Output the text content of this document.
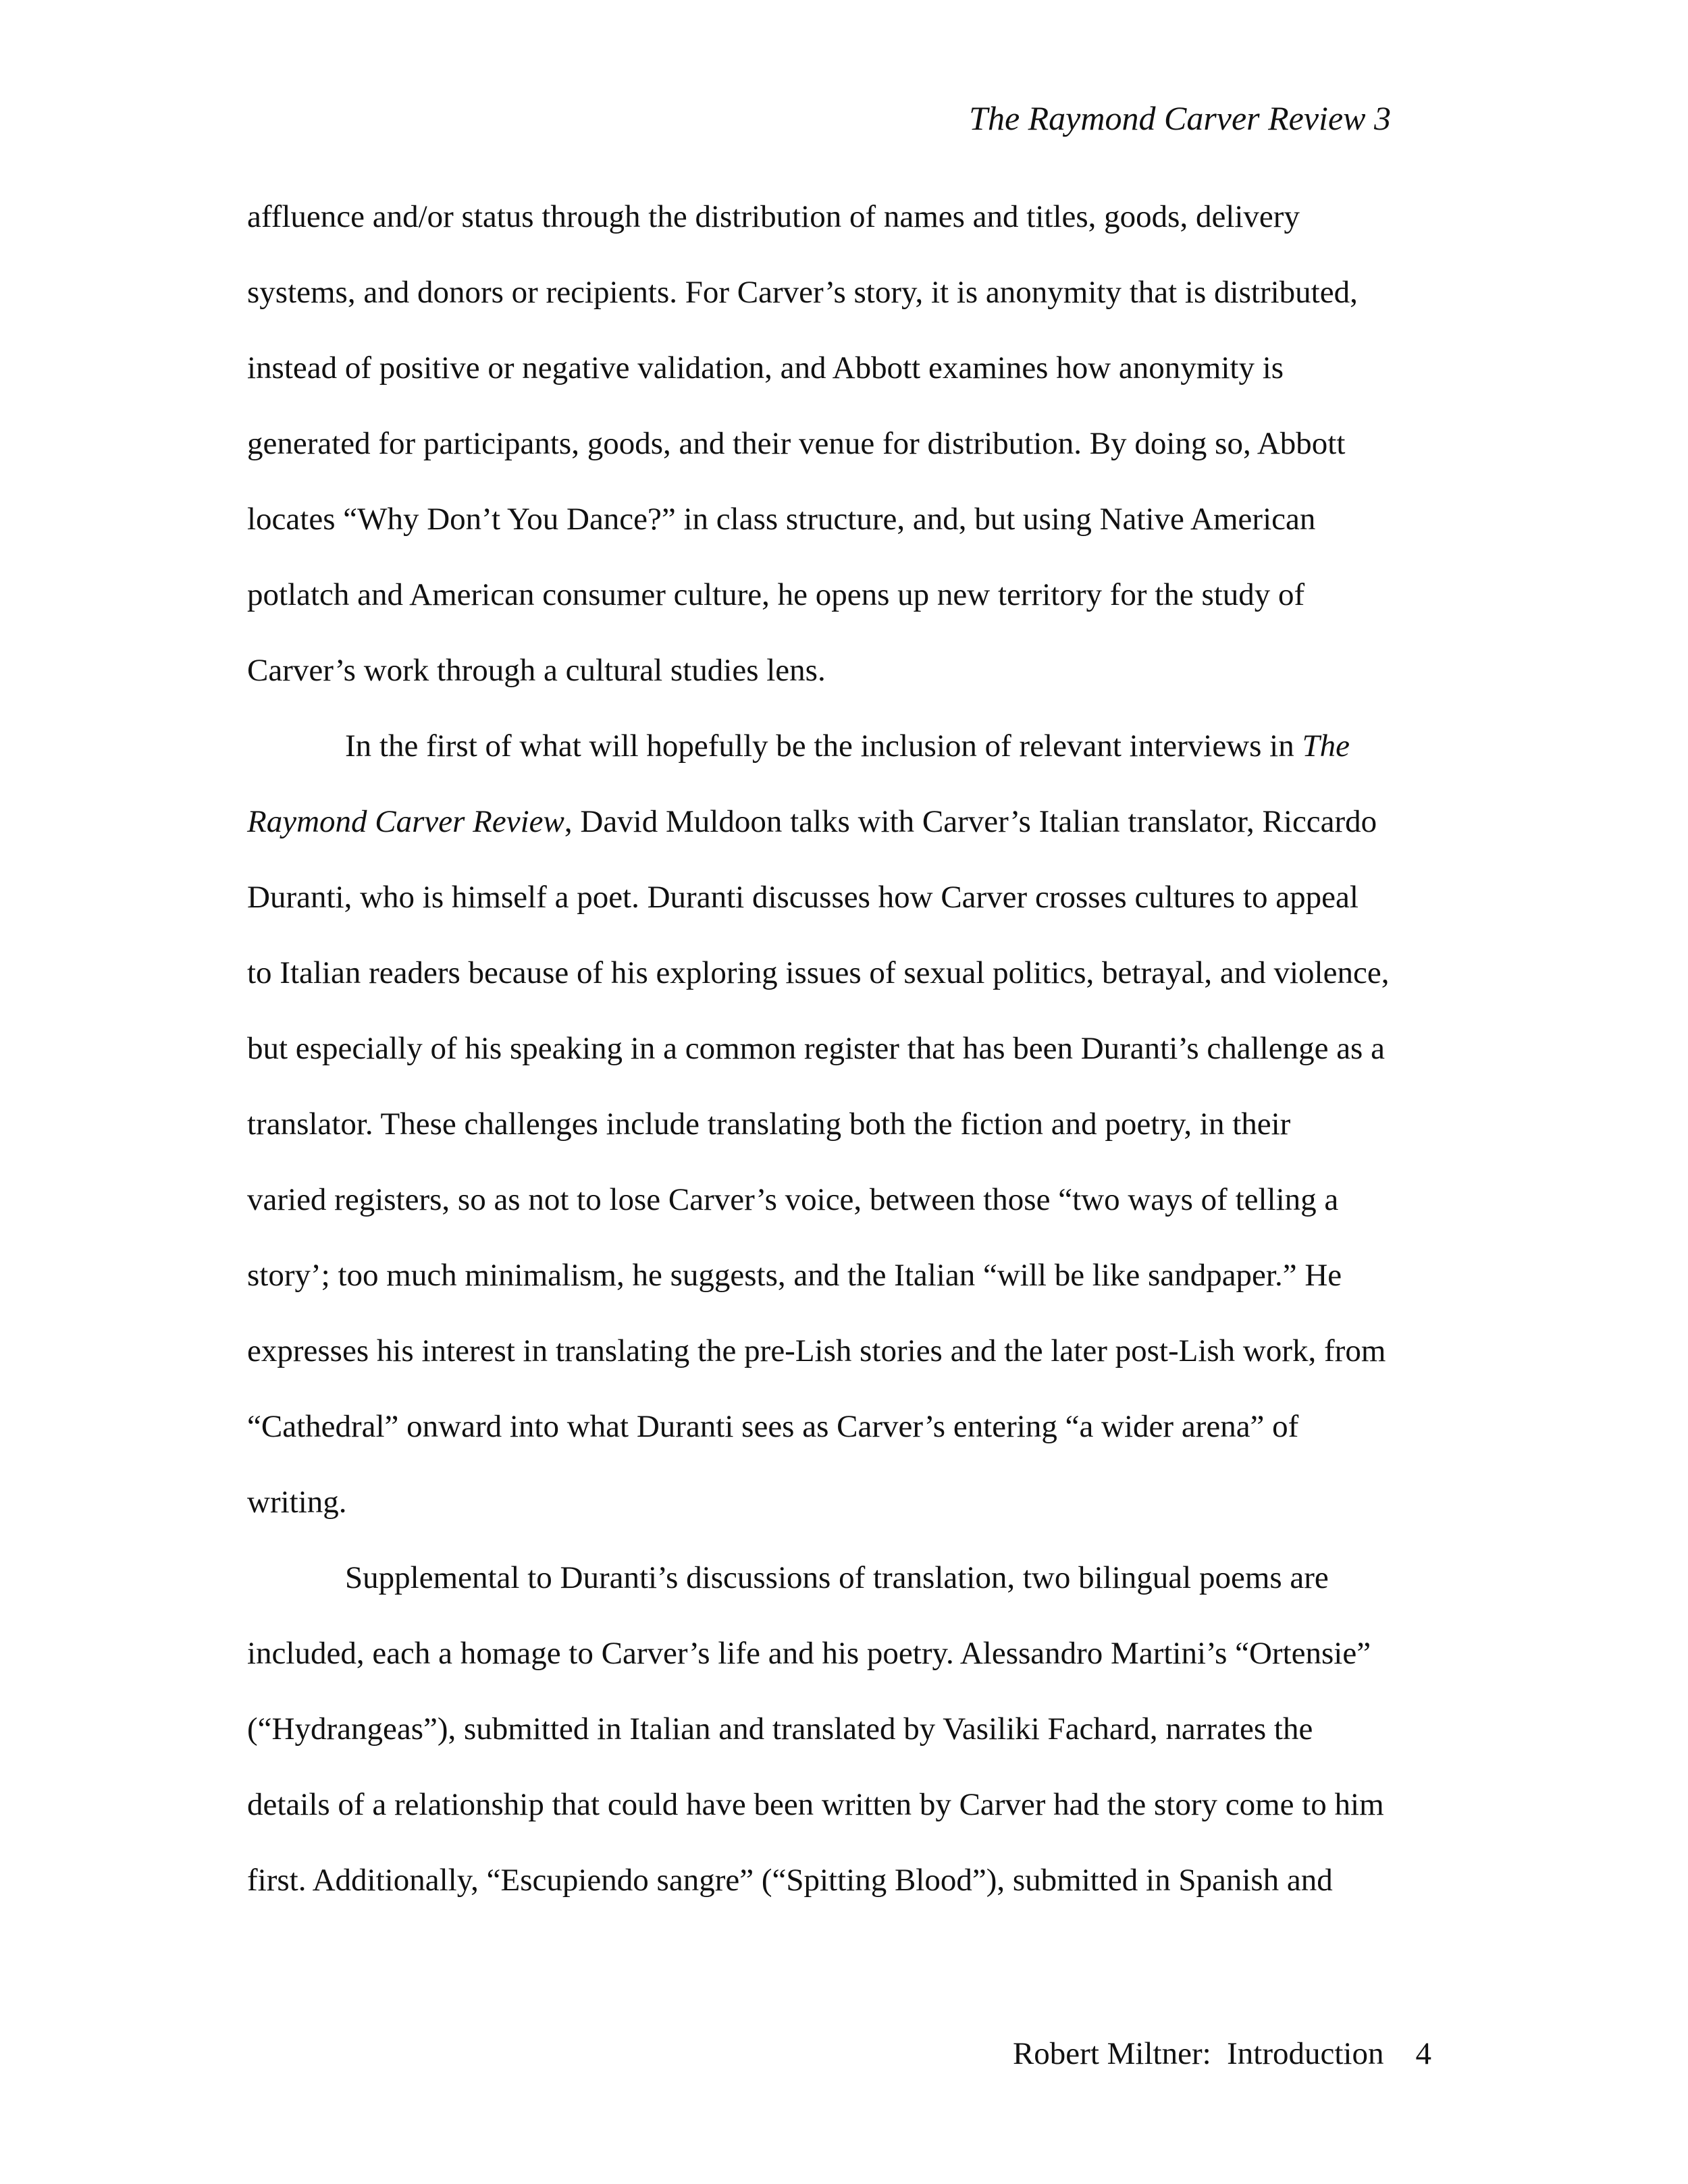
The Raymond Carver Review 3
affluence and/or status through the distribution of names and titles, goods, delivery
systems, and donors or recipients. For Carver’s story, it is anonymity that is distributed,
instead of positive or negative validation, and Abbott examines how anonymity is
generated for participants, goods, and their venue for distribution. By doing so, Abbott
locates “Why Don’t You Dance?” in class structure, and, but using Native American
potlatch and American consumer culture, he opens up new territory for the study of
Carver’s work through a cultural studies lens.
In the first of what will hopefully be the inclusion of relevant interviews in The
Raymond Carver Review, David Muldoon talks with Carver’s Italian translator, Riccardo
Duranti, who is himself a poet. Duranti discusses how Carver crosses cultures to appeal
to Italian readers because of his exploring issues of sexual politics, betrayal, and violence,
but especially of his speaking in a common register that has been Duranti’s challenge as a
translator. These challenges include translating both the fiction and poetry, in their
varied registers, so as not to lose Carver’s voice, between those “two ways of telling a
story’; too much minimalism, he suggests, and the Italian “will be like sandpaper.” He
expresses his interest in translating the pre-Lish stories and the later post-Lish work, from
“Cathedral” onward into what Duranti sees as Carver’s entering “a wider arena” of
writing.
Supplemental to Duranti’s discussions of translation, two bilingual poems are
included, each a homage to Carver’s life and his poetry. Alessandro Martini’s “Ortensie”
(“Hydrangeas”), submitted in Italian and translated by Vasiliki Fachard, narrates the
details of a relationship that could have been written by Carver had the story come to him
first. Additionally, “Escupiendo sangre” (“Spitting Blood”), submitted in Spanish and
Robert Miltner:  Introduction    4
